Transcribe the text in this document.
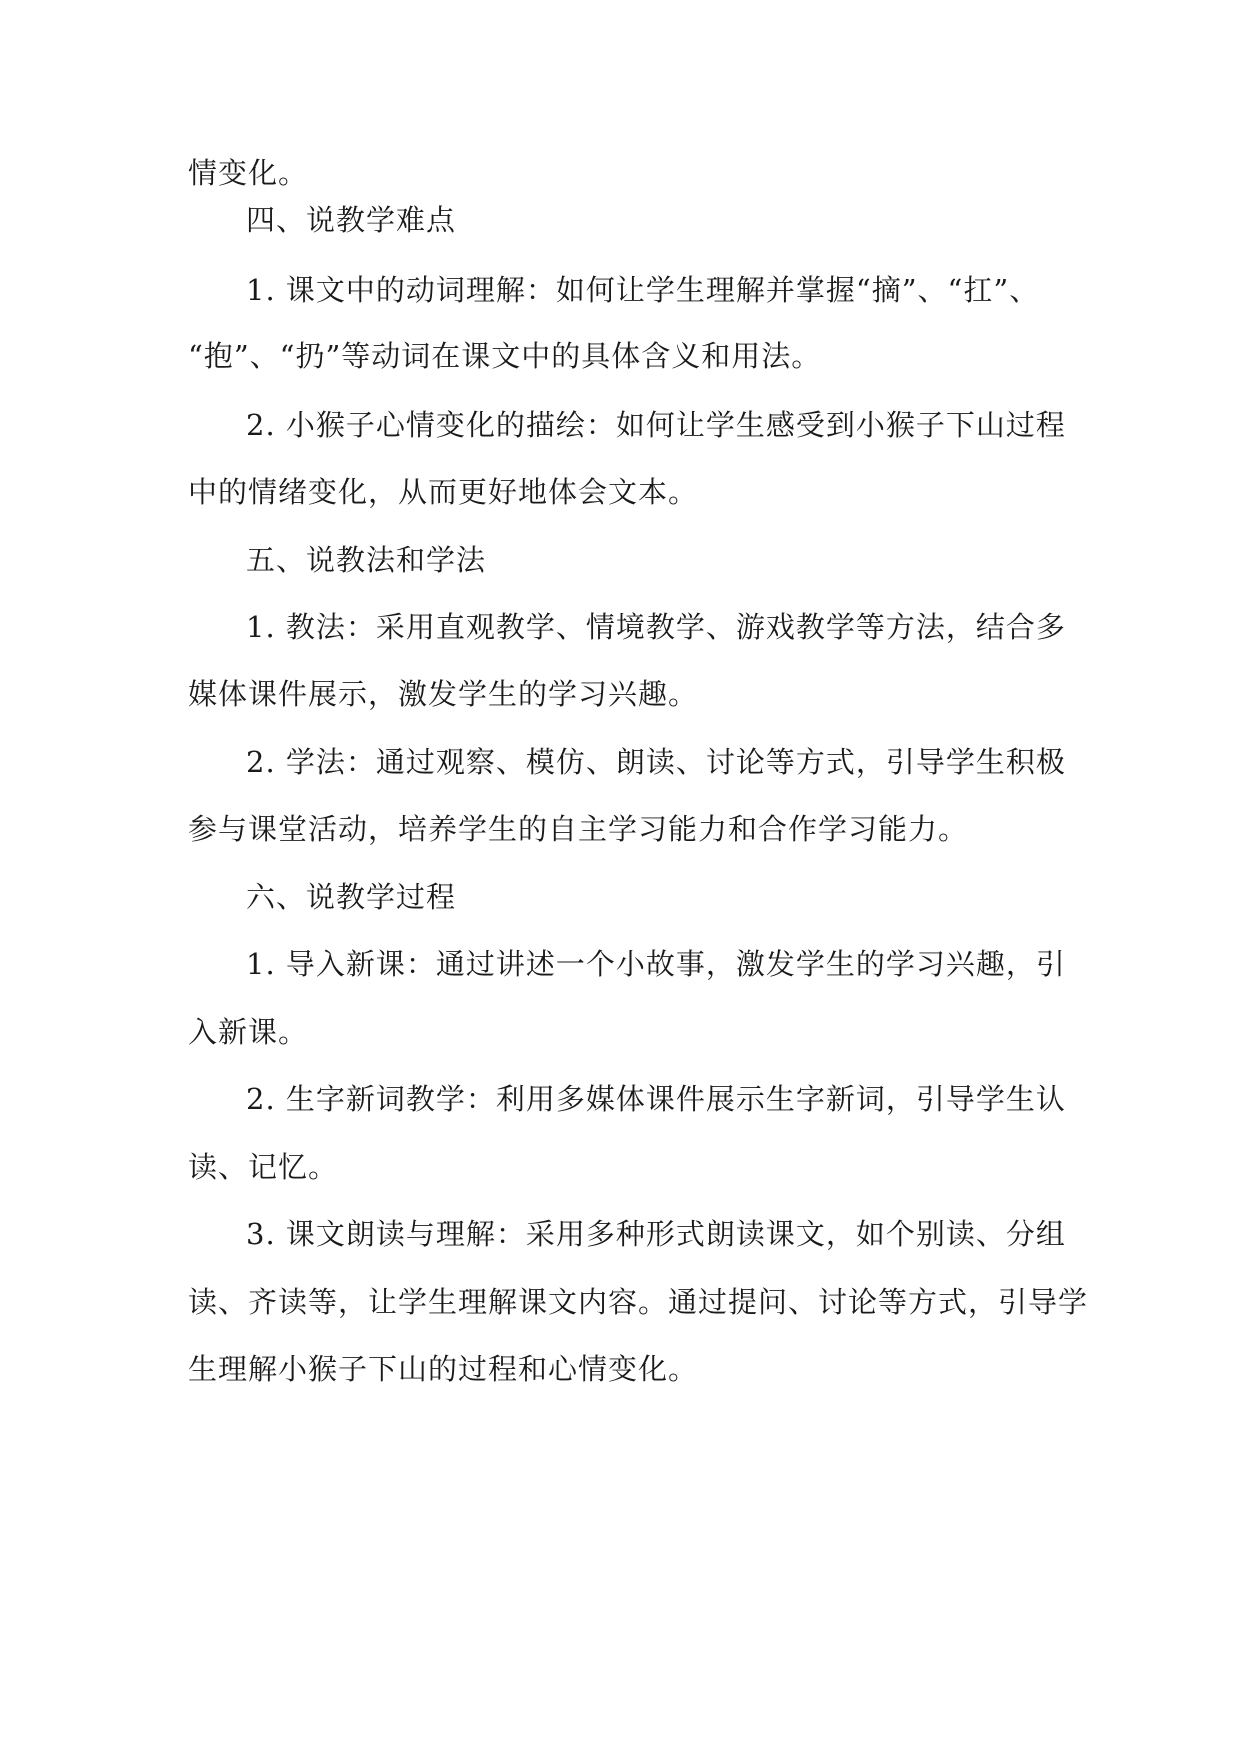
情变化。
四、说教学难点
1. 课文中的动词理解：如何让学生理解并掌握“摘”、“扛”、
“抱”、“扔”等动词在课文中的具体含义和用法。
2. 小猴子心情变化的描绘：如何让学生感受到小猴子下山过程
中的情绪变化，从而更好地体会文本。
五、说教法和学法
1. 教法：采用直观教学、情境教学、游戏教学等方法，结合多
媒体课件展示，激发学生的学习兴趣。
2. 学法：通过观察、模仿、朗读、讨论等方式，引导学生积极
参与课堂活动，培养学生的自主学习能力和合作学习能力。
六、说教学过程
1. 导入新课：通过讲述一个小故事，激发学生的学习兴趣，引
入新课。
2. 生字新词教学：利用多媒体课件展示生字新词，引导学生认
读、记忆。
3. 课文朗读与理解：采用多种形式朗读课文，如个别读、分组
读、齐读等，让学生理解课文内容。通过提问、讨论等方式，引导学
生理解小猴子下山的过程和心情变化。
